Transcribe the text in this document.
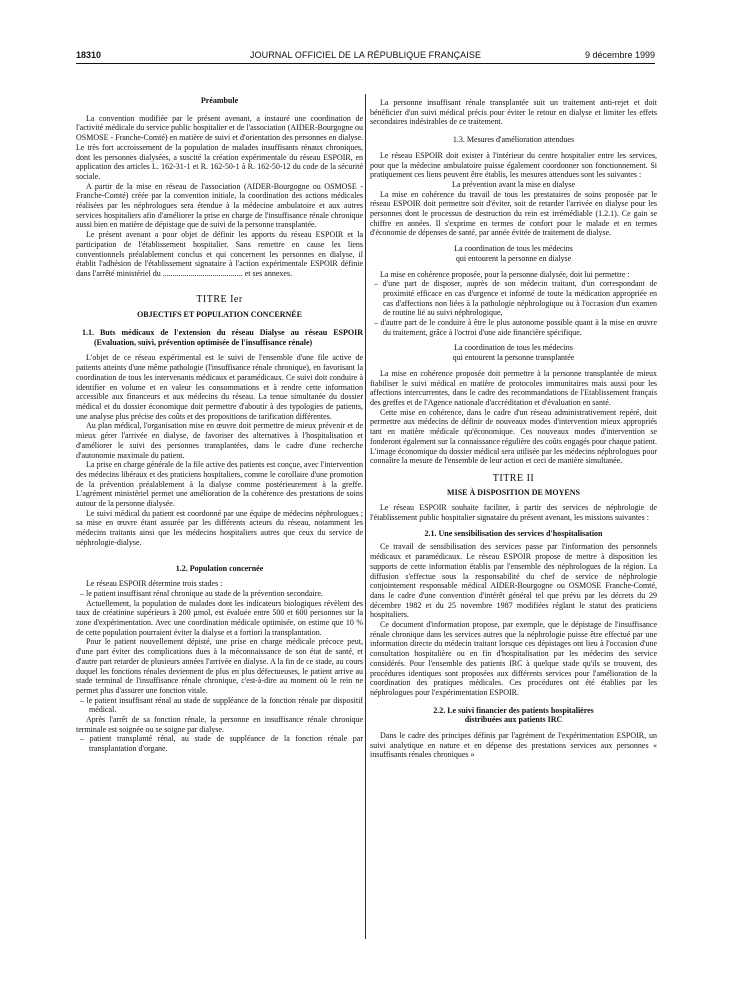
18310	JOURNAL OFFICIEL DE LA RÉPUBLIQUE FRANÇAISE	9 décembre 1999

Préambule

La convention modifiée par le présent avenant, a instauré une coordination de l'activité médicale du service public hospitalier et de l'association (AIDER-Bourgogne ou OSMOSE - Franche-Comté) en matière de suivi et d'orientation des personnes en dialyse. Le très fort accroissement de la population de malades insuffisants rénaux chroniques, dont les personnes dialysées, a suscité la création expérimentale du réseau ESPOIR, en application des articles L. 162-31-1 et R. 162-50-1 à R. 162-50-12 du code de la sécurité sociale.

A partir de la mise en réseau de l'association (AIDER-Bourgogne ou OSMOSE - Franche-Comté) créée par la convention initiale, la coordination des actions médicales réalisées par les néphrologues sera étendue à la médecine ambulatoire et aux autres services hospitaliers afin d'améliorer la prise en charge de l'insuffisance rénale chronique aussi bien en matière de dépistage que de suivi de la personne transplantée.

Le présent avenant a pour objet de définir les apports du réseau ESPOIR et la participation de l'établissement hospitalier. Sans remettre en cause les liens conventionnels préalablement conclus et qui concernent les personnes en dialyse, il établit l'adhésion de l'établissement signataire à l'action expérimentale ESPOIR définie dans l'arrêté ministériel du ........................................ et ses annexes.

TITRE Ier

OBJECTIFS ET POPULATION CONCERNÉE

1.1. Buts médicaux de l'extension du réseau Dialyse au réseau ESPOIR (Evaluation, suivi, prévention optimisée de l'insuffisance rénale)

L'objet de ce réseau expérimental est le suivi de l'ensemble d'une file active de patients atteints d'une même pathologie (l'insuffisance rénale chronique), en favorisant la coordination de tous les intervenants médicaux et paramédicaux. Ce suivi doit conduire à identifier en volume et en valeur les consommations et à rendre cette information accessible aux financeurs et aux médecins du réseau. La tenue simultanée du dossier médical et du dossier économique doit permettre d'aboutir à des typologies de patients, une analyse plus précise des coûts et des propositions de tarification différentes.

Au plan médical, l'organisation mise en œuvre doit permettre de mieux prévenir et de mieux gérer l'arrivée en dialyse, de favoriser des alternatives à l'hospitalisation et d'améliorer le suivi des personnes transplantées, dans le cadre d'une recherche d'autonomie maximale du patient.

La prise en charge générale de la file active des patients est conçue, avec l'intervention des médecins libéraux et des praticiens hospitaliers, comme le corollaire d'une promotion de la prévention préalablement à la dialyse comme postérieurement à la greffe. L'agrément ministériel permet une amélioration de la cohérence des prestations de soins autour de la personne dialysée.

Le suivi médical du patient est coordonné par une équipe de médecins néphrologues ; sa mise en œuvre étant assurée par les différents acteurs du réseau, notamment les médecins traitants ainsi que les médecins hospitaliers autres que ceux du service de néphrologie-dialyse.

1.2. Population concernée

Le réseau ESPOIR détermine trois stades :

– le patient insuffisant rénal chronique au stade de la prévention secondaire.

Actuellement, la population de malades dont les indicateurs biologiques révèlent des taux de créatinine supérieurs à 200 µmol, est évaluée entre 500 et 600 personnes sur la zone d'expérimentation. Avec une coordination médicale optimisée, on estime que 10 % de cette population pourraient éviter la dialyse et a fortiori la transplantation.

Pour le patient nouvellement dépisté, une prise en charge médicale précoce peut, d'une part éviter des complications dues à la méconnaissance de son état de santé, et d'autre part retarder de plusieurs années l'arrivée en dialyse. A la fin de ce stade, au cours duquel les fonctions rénales deviennent de plus en plus défectueuses, le patient arrive au stade terminal de l'insuffisance rénale chronique, c'est-à-dire au moment où le rein ne permet plus d'assurer une fonction vitale.

– le patient insuffisant rénal au stade de suppléance de la fonction rénale par dispositif médical.

Après l'arrêt de sa fonction rénale, la personne en insuffisance rénale chronique terminale est soignée ou se soigne par dialyse.

– patient transplanté rénal, au stade de suppléance de la fonction rénale par transplantation d'organe.

La personne insuffisant rénale transplantée suit un traitement anti-rejet et doit bénéficier d'un suivi médical précis pour éviter le retour en dialyse et limiter les effets secondaires indésirables de ce traitement.

1.3. Mesures d'amélioration attendues

Le réseau ESPOIR doit exister à l'intérieur du centre hospitalier entre les services, pour que la médecine ambulatoire puisse également coordonner son fonctionnement. Si pratiquement ces liens peuvent être établis, les mesures attendues sont les suivantes :

La prévention avant la mise en dialyse

La mise en cohérence du travail de tous les prestataires de soins proposée par le réseau ESPOIR doit permettre soit d'éviter, soit de retarder l'arrivée en dialyse pour les personnes dont le processus de destruction du rein est irrémédiable (1.2.1). Ce gain se chiffre en années. Il s'exprime en termes de confort pour le malade et en termes d'économie de dépenses de santé, par année évitée de traitement de dialyse.

La coordination de tous les médecins

qui entourent la personne en dialyse

La mise en cohérence proposée, pour la personne dialysée, doit lui permettre :

– d'une part de disposer, auprès de son médecin traitant, d'un correspondant de proximité efficace en cas d'urgence et informé de toute la médication appropriée en cas d'affections non liées à la pathologie néphrologique ou à l'occasion d'un examen de routine lié au suivi néphrologique,

– d'autre part de le conduire à être le plus autonome possible quant à la mise en œuvre du traitement, grâce à l'octroi d'une aide financière spécifique.

La coordination de tous les médecins

qui entourent la personne transplantée

La mise en cohérence proposée doit permettre à la personne transplantée de mieux fiabiliser le suivi médical en matière de protocoles immunitaires mais aussi pour les affections intercurrentes, dans le cadre des recommandations de l'Etablissement français des greffes et de l'Agence nationale d'accréditation et d'évaluation en santé.

Cette mise en cohérence, dans le cadre d'un réseau administrativement repéré, doit permettre aux médecins de définir de nouveaux modes d'intervention mieux appropriés tant en matière médicale qu'économique. Ces nouveaux modes d'intervention se fonderont également sur la connaissance régulière des coûts engagés pour chaque patient. L'image économique du dossier médical sera utilisée par les médecins néphrologues pour connaître la mesure de l'ensemble de leur action et ceci de manière simultanée.

TITRE II

MISE À DISPOSITION DE MOYENS

Le réseau ESPOIR souhaite faciliter, à partir des services de néphrologie de l'établissement public hospitalier signataire du présent avenant, les missions suivantes :

2.1. Une sensibilisation des services d'hospitalisation

Ce travail de sensibilisation des services passe par l'information des personnels médicaux et paramédicaux. Le réseau ESPOIR propose de mettre à disposition les supports de cette information établis par l'ensemble des néphrologues de la région. La diffusion s'effectue sous la responsabilité du chef de service de néphrologie conjointement responsable médical AIDER-Bourgogne ou OSMOSE Franche-Comté, dans le cadre d'une convention d'intérêt général tel que prévu par les décrets du 29 décembre 1982 et du 25 novembre 1987 modifiées réglant le statut des praticiens hospitaliers.

Ce document d'information propose, par exemple, que le dépistage de l'insuffisance rénale chronique dans les services autres que la néphrologie puisse être effectué par une information directe du médecin traitant lorsque ces dépistages ont lieu à l'occasion d'une consultation hospitalière ou en fin d'hospitalisation par les médecins des service considérés. Pour l'ensemble des patients IRC à quelque stade qu'ils se trouvent, des procédures identiques sont proposées aux différents services pour l'amélioration de la coordination des pratiques médicales. Ces procédures ont été établies par les néphrologues pour l'expérimentation ESPOIR.

2.2. Le suivi financier des patients hospitalières

distribuées aux patients IRC

Dans le cadre des principes définis par l'agrément de l'expérimentation ESPOIR, un suivi analytique en nature et en dépense des prestations services aux personnes « insuffisants rénales chroniques »
